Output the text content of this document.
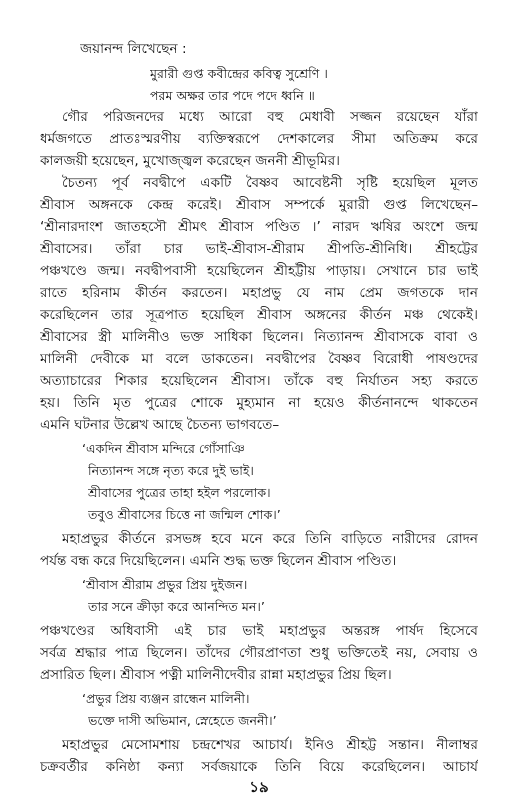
জয়ানন্দ লিখেছেন :
মুরারী গুপ্ত কবীন্দ্রের কবিত্ব সুশ্রেণি ।
পরম অক্ষর তার পদে পদে ধ্বনি ॥
গৌর পরিজনদের মধ্যে আরো বহু মেধাবী সজ্জন রয়েছেন যাঁরা
ধর্মজগতে প্রাতঃস্মরণীয় ব্যক্তিস্বরূপে দেশকালের সীমা অতিক্রম করে
কালজয়ী হয়েছেন, মুখোজ্জ্বল করেছেন জননী শ্রীভূমির।
চৈতন্য পূর্ব নবদ্বীপে একটি বৈষ্ণব আবেষ্টনী সৃষ্টি হয়েছিল মূলত
শ্রীবাস অঙ্গনকে কেন্দ্র করেই। শ্রীবাস সম্পর্কে মুরারী গুপ্ত লিখেছেন–
‘শ্রীনারদাংশ জাতহসৌ শ্রীমৎ শ্রীবাস পণ্ডিত ।’ নারদ ঋষির অংশে জন্ম
শ্রীবাসের। তাঁরা চার ভাই-শ্রীবাস-শ্রীরাম শ্রীপতি-শ্রীনিধি। শ্রীহট্টের
পঞ্চখণ্ডে জন্ম। নবদ্বীপবাসী হয়েছিলেন শ্রীহট্টীয় পাড়ায়। সেখানে চার ভাই
রাতে হরিনাম কীর্তন করতেন। মহাপ্রভু যে নাম প্রেম জগতকে দান
করেছিলেন তার সূত্রপাত হয়েছিল শ্রীবাস অঙ্গনের কীর্তন মঞ্চ থেকেই।
শ্রীবাসের স্ত্রী মালিনীও ভক্ত সাধিকা ছিলেন। নিত্যানন্দ শ্রীবাসকে বাবা ও
মালিনী দেবীকে মা বলে ডাকতেন। নবদ্বীপের বৈষ্ণব বিরোধী পাষণ্ডদের
অত্যাচারের শিকার হয়েছিলেন শ্রীবাস। তাঁকে বহু নির্যাতন সহ্য করতে
হয়। তিনি মৃত পুত্রের শোকে মুহ্যমান না হয়েও কীর্তনানন্দে থাকতেন
এমনি ঘটনার উল্লেখ আছে চৈতন্য ভাগবতে–
‘একদিন শ্রীবাস মন্দিরে গোঁসাঞি
নিত্যানন্দ সঙ্গে নৃত্য করে দুই ভাই।
শ্রীবাসের পুত্রের তাহা হইল পরলোক।
তবুও শ্রীবাসের চিত্তে না জন্মিল শোক।’
মহাপ্রভুর কীর্তনে রসভঙ্গ হবে মনে করে তিনি বাড়িতে নারীদের রোদন
পর্যন্ত বন্ধ করে দিয়েছিলেন। এমনি শুদ্ধ ভক্ত ছিলেন শ্রীবাস পণ্ডিত।
‘শ্রীবাস শ্রীরাম প্রভুর প্রিয় দুইজন।
তার সনে ক্রীড়া করে আনন্দিত মন।’
পঞ্চখণ্ডের অধিবাসী এই চার ভাই মহাপ্রভুর অন্তরঙ্গ পার্ষদ হিসেবে
সর্বত্র শ্রদ্ধার পাত্র ছিলেন। তাঁদের গৌরপ্রাণতা শুধু ভক্তিতেই নয়, সেবায় ও
প্রসারিত ছিল। শ্রীবাস পত্নী মালিনীদেবীর রান্না মহাপ্রভুর প্রিয় ছিল।
‘প্রভুর প্রিয় ব্যঞ্জন রান্ধেন মালিনী।
ভক্তে দাসী অভিমান, স্নেহেতে জননী।’
মহাপ্রভুর মেসোমশায় চন্দ্রশেখর আচার্য। ইনিও শ্রীহট্ট সন্তান। নীলাম্বর
চক্রবর্তীর কনিষ্ঠা কন্যা সর্বজয়াকে তিনি বিয়ে করেছিলেন। আচার্য
১৯
